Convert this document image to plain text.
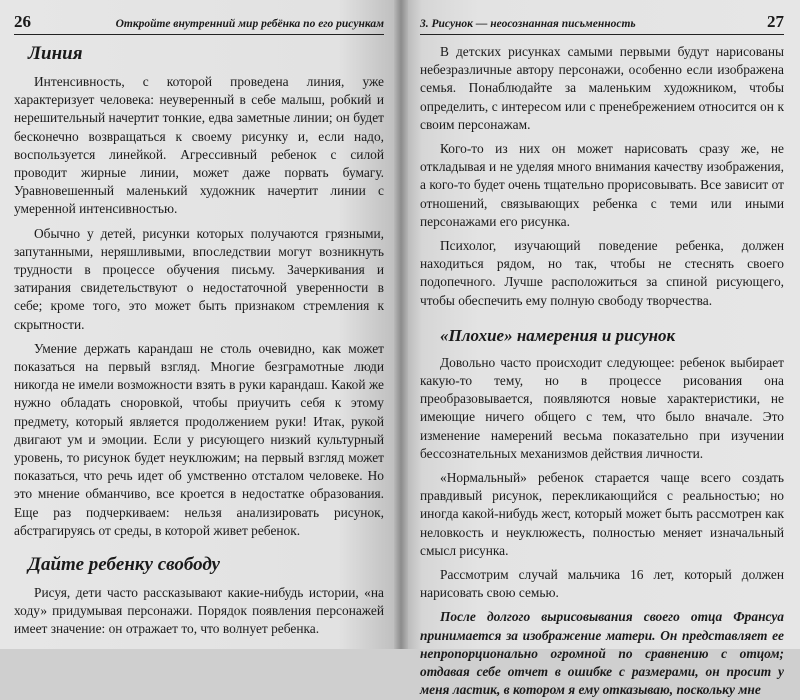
26	Откройте внутренний мир ребёнка по его рисункам
Линия

Интенсивность, с которой проведена линия, уже характеризует человека: неуверенный в себе малыш, робкий и нерешительный начертит тонкие, едва заметные линии; он будет бесконечно возвращаться к своему рисунку и, если надо, воспользуется линейкой. Агрессивный ребенок с силой проводит жирные линии, может даже порвать бумагу. Уравновешенный маленький художник начертит линии с умеренной интенсивностью.

Обычно у детей, рисунки которых получаются грязными, запутанными, неряшливыми, впоследствии могут возникнуть трудности в процессе обучения письму. Зачеркивания и затирания свидетельствуют о недостаточной уверенности в себе; кроме того, это может быть признаком стремления к скрытности.

Умение держать карандаш не столь очевидно, как может показаться на первый взгляд. Многие безграмотные люди никогда не имели возможности взять в руки карандаш. Какой же нужно обладать сноровкой, чтобы приучить себя к этому предмету, который является продолжением руки! Итак, рукой двигают ум и эмоции. Если у рисующего низкий культурный уровень, то рисунок будет неуклюжим; на первый взгляд может показаться, что речь идет об умственно отсталом человеке. Но это мнение обманчиво, все кроется в недостатке образования. Еще раз подчеркиваем: нельзя анализировать рисунок, абстрагируясь от среды, в которой живет ребенок.

Дайте ребенку свободу

Рисуя, дети часто рассказывают какие-нибудь истории, «на ходу» придумывая персонажи. Порядок появления персонажей имеет значение: он отражает то, что волнует ребенка.

3. Рисунок — неосознанная письменность	27

В детских рисунках самыми первыми будут нарисованы небезразличные автору персонажи, особенно если изображена семья. Понаблюдайте за маленьким художником, чтобы определить, с интересом или с пренебрежением относится он к своим персонажам.

Кого-то из них он может нарисовать сразу же, не откладывая и не уделяя много внимания качеству изображения, а кого-то будет очень тщательно прорисовывать. Все зависит от отношений, связывающих ребенка с теми или иными персонажами его рисунка.

Психолог, изучающий поведение ребенка, должен находиться рядом, но так, чтобы не стеснять своего подопечного. Лучше расположиться за спиной рисующего, чтобы обеспечить ему полную свободу творчества.

«Плохие» намерения и рисунок

Довольно часто происходит следующее: ребенок выбирает какую-то тему, но в процессе рисования она преобразовывается, появляются новые характеристики, не имеющие ничего общего с тем, что было вначале. Это изменение намерений весьма показательно при изучении бессознательных механизмов действия личности.

«Нормальный» ребенок старается чаще всего создать правдивый рисунок, перекликающийся с реальностью; но иногда какой-нибудь жест, который может быть рассмотрен как неловкость и неуклюжесть, полностью меняет изначальный смысл рисунка.

Рассмотрим случай мальчика 16 лет, который должен нарисовать свою семью.

После долгого вырисовывания своего отца Франсуа принимается за изображение матери. Он представляет ее непропорционально огромной по сравнению с отцом; отдавая себе отчет в ошибке с размерами, он просит у меня ластик, в котором я ему отказываю, поскольку мне
